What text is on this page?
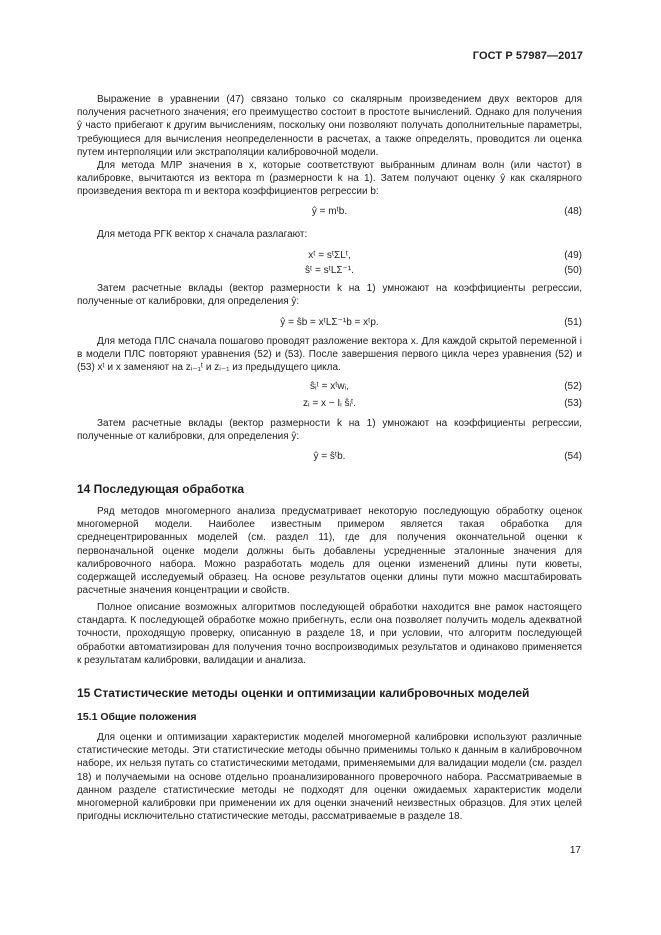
ГОСТ Р 57987—2017
Выражение в уравнении (47) связано только со скалярным произведением двух векторов для получения расчетного значения; его преимущество состоит в простоте вычислений. Однако для получения ŷ часто прибегают к другим вычислениям, поскольку они позволяют получать дополнительные параметры, требующиеся для вычисления неопределенности в расчетах, а также определять, проводится ли оценка путем интерполяции или экстраполяции калибровочной модели.
Для метода МЛР значения в x, которые соответствуют выбранным длинам волн (или частот) в калибровке, вычитаются из вектора m (размерности k на 1). Затем получают оценку ŷ как скалярного произведения вектора m и вектора коэффициентов регрессии b:
ŷ = mᵗb.	(48)
Для метода РГК вектор x сначала разлагают:
xᵗ = sᵗΣLᵗ,	(49)
ŝᵗ = sᵗLΣ⁻¹.	(50)
Затем расчетные вклады (вектор размерности k на 1) умножают на коэффициенты регрессии, полученные от калибровки, для определения ŷ:
ŷ = ŝb = xᵗLΣ⁻¹b = xᵗp.	(51)
Для метода ПЛС сначала пошагово проводят разложение вектора x. Для каждой скрытой переменной i в модели ПЛС повторяют уравнения (52) и (53). После завершения первого цикла через уравнения (52) и (53) xᵗ и x заменяют на zᵢ₋₁ᵗ и zᵢ₋₁ из предыдущего цикла.
ŝᵢᵗ = xᵗwᵢ,	(52)
zᵢ = x − Iᵢ ŝᵢᵗ.	(53)
Затем расчетные вклады (вектор размерности k на 1) умножают на коэффициенты регрессии, полученные от калибровки, для определения ŷ:
ŷ = ŝᵗb.	(54)
14 Последующая обработка
Ряд методов многомерного анализа предусматривает некоторую последующую обработку оценок многомерной модели. Наиболее известным примером является такая обработка для среднецентрированных моделей (см. раздел 11), где для получения окончательной оценки к первоначальной оценке модели должны быть добавлены усредненные эталонные значения для калибровочного набора. Можно разработать модель для оценки изменений длины пути кюветы, содержащей исследуемый образец. На основе результатов оценки длины пути можно масштабировать расчетные значения концентрации и свойств.
Полное описание возможных алгоритмов последующей обработки находится вне рамок настоящего стандарта. К последующей обработке можно прибегнуть, если она позволяет получить модель адекватной точности, проходящую проверку, описанную в разделе 18, и при условии, что алгоритм последующей обработки автоматизирован для получения точно воспроизводимых результатов и одинаково применяется к результатам калибровки, валидации и анализа.
15 Статистические методы оценки и оптимизации калибровочных моделей
15.1 Общие положения
Для оценки и оптимизации характеристик моделей многомерной калибровки используют различные статистические методы. Эти статистические методы обычно применимы только к данным в калибровочном наборе, их нельзя путать со статистическими методами, применяемыми для валидации модели (см. раздел 18) и получаемыми на основе отдельно проанализированного проверочного набора. Рассматриваемые в данном разделе статистические методы не подходят для оценки ожидаемых характеристик модели многомерной калибровки при применении их для оценки значений неизвестных образцов. Для этих целей пригодны исключительно статистические методы, рассматриваемые в разделе 18.
17
